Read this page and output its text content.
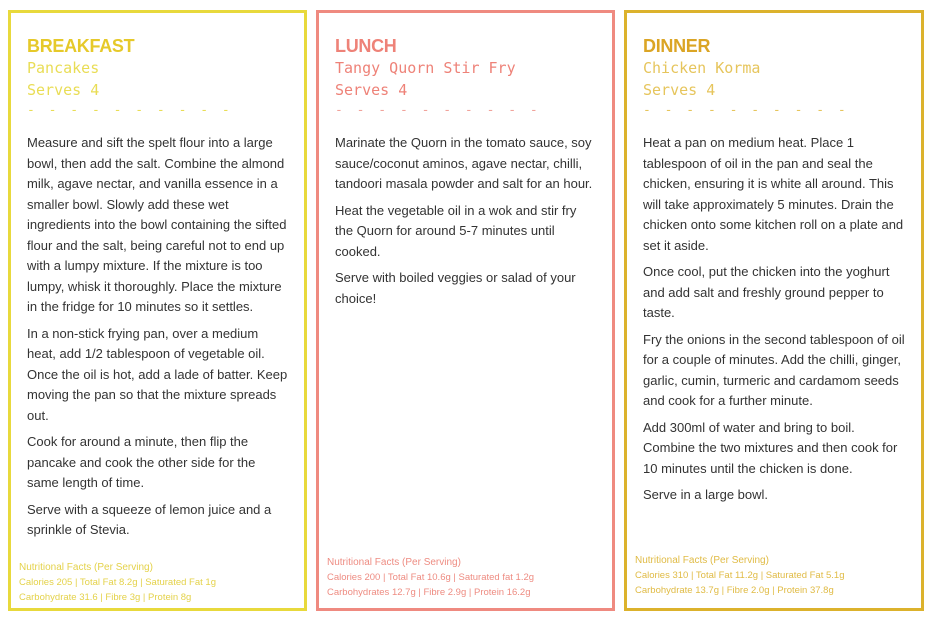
BREAKFAST
Pancakes
Serves 4
- - - - - - - - - -

Measure and sift the spelt flour into a large bowl, then add the salt. Combine the almond milk, agave nectar, and vanilla essence in a smaller bowl. Slowly add these wet ingredients into the bowl containing the sifted flour and the salt, being careful not to end up with a lumpy mixture. If the mixture is too lumpy, whisk it thoroughly. Place the mixture in the fridge for 10 minutes so it settles.

In a non-stick frying pan, over a medium heat, add 1/2 tablespoon of vegetable oil. Once the oil is hot, add a lade of batter. Keep moving the pan so that the mixture spreads out.

Cook for around a minute, then flip the pancake and cook the other side for the same length of time.

Serve with a squeeze of lemon juice and a sprinkle of Stevia.

Nutritional Facts (Per Serving)
Calories 205 | Total Fat 8.2g | Saturated Fat 1g
Carbohydrate 31.6 | Fibre 3g | Protein 8g
LUNCH
Tangy Quorn Stir Fry
Serves 4
- - - - - - - - - -

Marinate the Quorn in the tomato sauce, soy sauce/coconut aminos, agave nectar, chilli, tandoori masala powder and salt for an hour.

Heat the vegetable oil in a wok and stir fry the Quorn for around 5-7 minutes until cooked.

Serve with boiled veggies or salad of your choice!

Nutritional Facts (Per Serving)
Calories 200 | Total Fat 10.6g | Saturated fat 1.2g
Carbohydrates 12.7g | Fibre 2.9g | Protein 16.2g
DINNER
Chicken Korma
Serves 4
- - - - - - - - - -

Heat a pan on medium heat. Place 1 tablespoon of oil in the pan and seal the chicken, ensuring it is white all around. This will take approximately 5 minutes. Drain the chicken onto some kitchen roll on a plate and set it aside.

Once cool, put the chicken into the yoghurt and add salt and freshly ground pepper to taste.

Fry the onions in the second tablespoon of oil for a couple of minutes. Add the chilli, ginger, garlic, cumin, turmeric and cardamom seeds and cook for a further minute.

Add 300ml of water and bring to boil. Combine the two mixtures and then cook for 10 minutes until the chicken is done.

Serve in a large bowl.

Nutritional Facts (Per Serving)
Calories 310 | Total Fat 11.2g | Saturated Fat 5.1g
Carbohydrate 13.7g | Fibre 2.0g | Protein 37.8g
